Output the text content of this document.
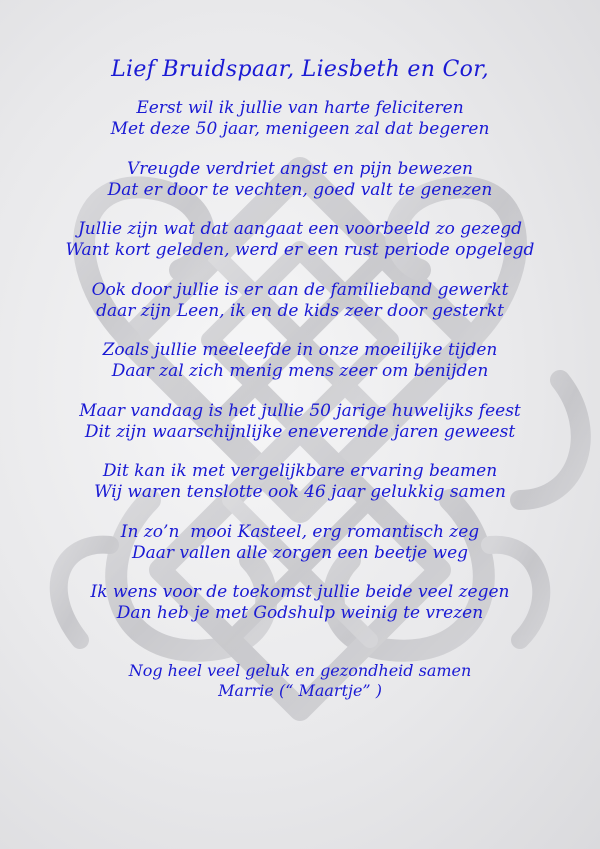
Lief Bruidspaar, Liesbeth en Cor,
Eerst wil ik jullie van harte feliciteren
Met deze 50 jaar, menigeen zal dat begeren
Vreugde verdriet angst en pijn bewezen
Dat er door te vechten, goed valt te genezen
Jullie zijn wat dat aangaat een voorbeeld zo gezegd
Want kort geleden, werd er een rust periode opgelegd
Ook door jullie is er aan de familieband gewerkt
daar zijn Leen, ik en de kids zeer door gesterkt
Zoals jullie meeleefde in onze moeilijke tijden
Daar zal zich menig mens zeer om benijden
Maar vandaag is het jullie 50 jarige huwelijks feest
Dit zijn waarschijnlijke eneverende jaren geweest
Dit kan ik met vergelijkbare ervaring beamen
Wij waren tenslotte ook 46 jaar gelukkig samen
In zo’n  mooi Kasteel, erg romantisch zeg
Daar vallen alle zorgen een beetje weg
Ik wens voor de toekomst jullie beide veel zegen
Dan heb je met Godshulp weinig te vrezen
Nog heel veel geluk en gezondheid samen
Marrie (“ Maartje” )
